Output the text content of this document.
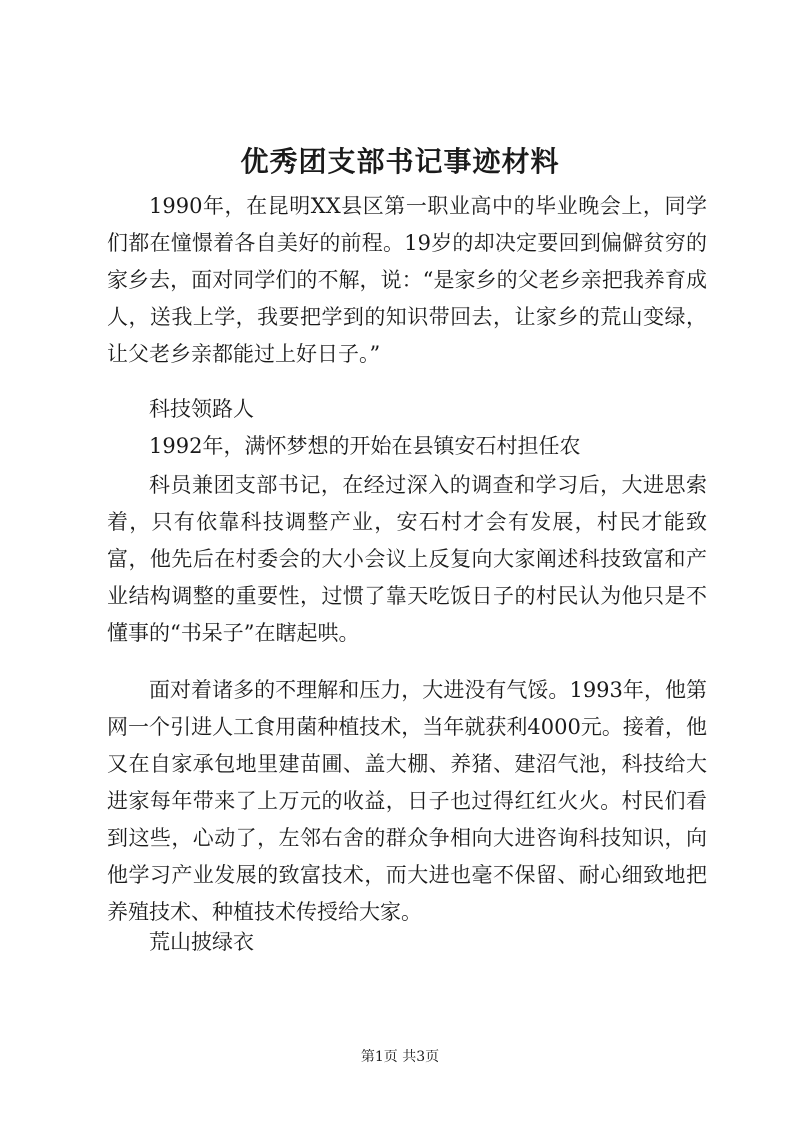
优秀团支部书记事迹材料

1990年，在昆明XX县区第一职业高中的毕业晚会上，同学们都在憧憬着各自美好的前程。19岁的却决定要回到偏僻贫穷的家乡去，面对同学们的不解，说：“是家乡的父老乡亲把我养育成人，送我上学，我要把学到的知识带回去，让家乡的荒山变绿，让父老乡亲都能过上好日子。”

科技领路人

1992年，满怀梦想的开始在县镇安石村担任农

科员兼团支部书记，在经过深入的调查和学习后，大进思索着，只有依靠科技调整产业，安石村才会有发展，村民才能致富，他先后在村委会的大小会议上反复向大家阐述科技致富和产业结构调整的重要性，过惯了靠天吃饭日子的村民认为他只是不懂事的“书呆子”在瞎起哄。

面对着诸多的不理解和压力，大进没有气馁。1993年，他第网一个引进人工食用菌种植技术，当年就获利4000元。接着，他又在自家承包地里建苗圃、盖大棚、养猪、建沼气池，科技给大进家每年带来了上万元的收益，日子也过得红红火火。村民们看到这些，心动了，左邻右舍的群众争相向大进咨询科技知识，向他学习产业发展的致富技术，而大进也毫不保留、耐心细致地把养殖技术、种植技术传授给大家。

荒山披绿衣

第1页 共3页
